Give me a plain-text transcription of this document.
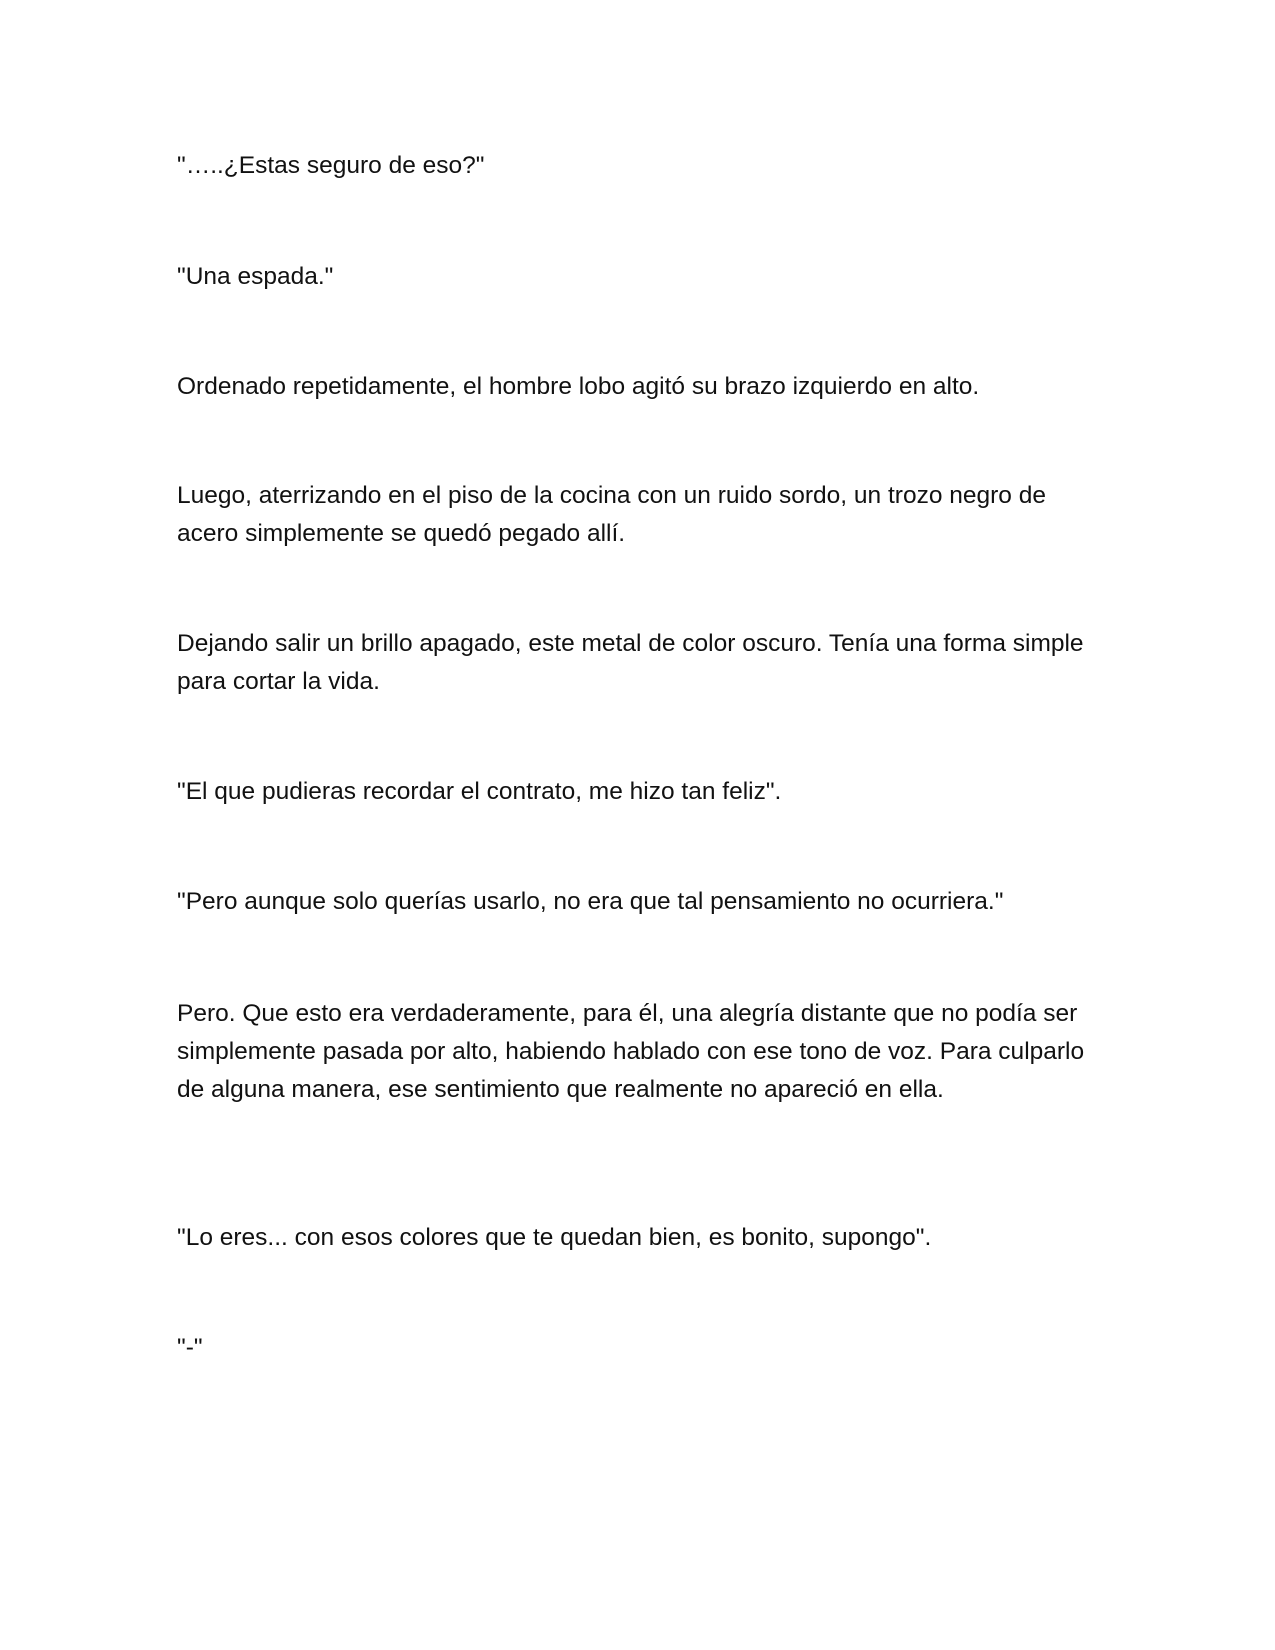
"…..¿Estas seguro de eso?"

"Una espada."

Ordenado repetidamente, el hombre lobo agitó su brazo izquierdo en alto.

Luego, aterrizando en el piso de la cocina con un ruido sordo, un trozo negro de acero simplemente se quedó pegado allí.

Dejando salir un brillo apagado, este metal de color oscuro. Tenía una forma simple para cortar la vida.

"El que pudieras recordar el contrato, me hizo tan feliz".

"Pero aunque solo querías usarlo, no era que tal pensamiento no ocurriera."

Pero. Que esto era verdaderamente, para él, una alegría distante que no podía ser simplemente pasada por alto, habiendo hablado con ese tono de voz. Para culparlo de alguna manera, ese sentimiento que realmente no apareció en ella.

"Lo eres... con esos colores que te quedan bien, es bonito, supongo".

"-"
